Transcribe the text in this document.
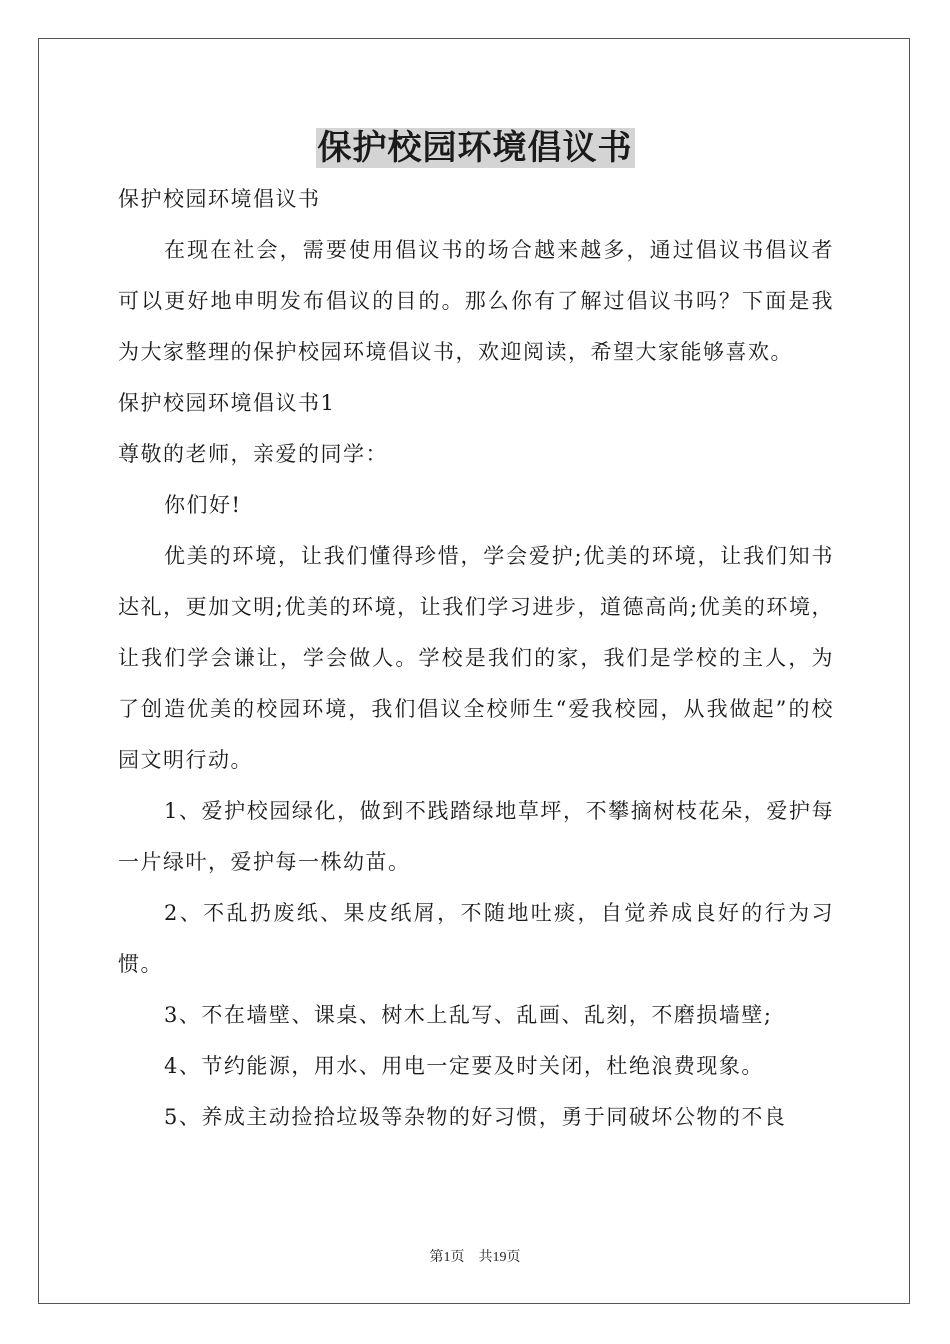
保护校园环境倡议书

保护校园环境倡议书

在现在社会，需要使用倡议书的场合越来越多，通过倡议书倡议者可以更好地申明发布倡议的目的。那么你有了解过倡议书吗？下面是我为大家整理的保护校园环境倡议书，欢迎阅读，希望大家能够喜欢。

保护校园环境倡议书1

尊敬的老师，亲爱的同学：

你们好!

优美的环境，让我们懂得珍惜，学会爱护;优美的环境，让我们知书达礼，更加文明;优美的环境，让我们学习进步，道德高尚;优美的环境，让我们学会谦让，学会做人。学校是我们的家，我们是学校的主人，为了创造优美的校园环境，我们倡议全校师生“爱我校园，从我做起”的校园文明行动。

1、爱护校园绿化，做到不践踏绿地草坪，不攀摘树枝花朵，爱护每一片绿叶，爱护每一株幼苗。

2、不乱扔废纸、果皮纸屑，不随地吐痰，自觉养成良好的行为习惯。

3、不在墙壁、课桌、树木上乱写、乱画、乱刻，不磨损墙壁;

4、节约能源，用水、用电一定要及时关闭，杜绝浪费现象。

5、养成主动捡拾垃圾等杂物的好习惯，勇于同破坏公物的不良

第1页 共19页
